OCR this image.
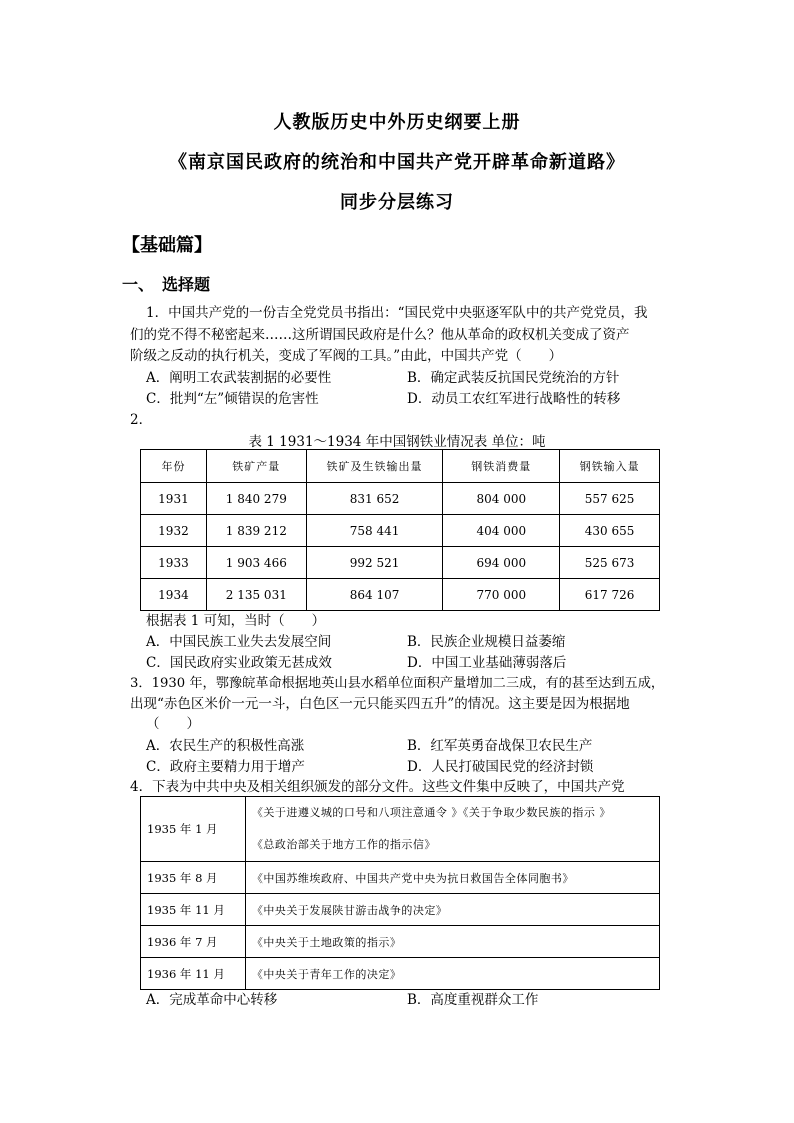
人教版历史中外历史纲要上册
《南京国民政府的统治和中国共产党开辟革命新道路》
同步分层练习
【基础篇】
一、　选择题
1．中国共产党的一份吉全党党员书指出：“国民党中央驱逐军队中的共产党党员，我
们的党不得不秘密起来……这所谓国民政府是什么？他从革命的政权机关变成了资产
阶级之反动的执行机关，变成了军阀的工具。”由此，中国共产党（　　）
A．阐明工农武装割据的必要性	B．确定武装反抗国民党统治的方针
C．批判“左”倾错误的危害性	D．动员工农红军进行战略性的转移
2．
表 1 1931～1934 年中国钢铁业情况表 单位：吨
年份	铁矿产量	铁矿及生铁输出量	钢铁消费量	钢铁输入量
1931	1 840 279	831 652	804 000	557 625
1932	1 839 212	758 441	404 000	430 655
1933	1 903 466	992 521	694 000	525 673
1934	2 135 031	864 107	770 000	617 726
根据表 1 可知，当时（　　）
A．中国民族工业失去发展空间	B．民族企业规模日益萎缩
C．国民政府实业政策无甚成效	D．中国工业基础薄弱落后
3．1930 年，鄂豫皖革命根据地英山县水稻单位面积产量增加二三成，有的甚至达到五成，
出现“赤色区米价一元一斗，白色区一元只能买四五升”的情况。这主要是因为根据地
（　　）
A．农民生产的积极性高涨	B．红军英勇奋战保卫农民生产
C．政府主要精力用于增产	D．人民打破国民党的经济封锁
4．下表为中共中央及相关组织颁发的部分文件。这些文件集中反映了，中国共产党
1935 年 1 月	《关于进遵义城的口号和八项注意通令 》《关于争取少数民族的指示 》
《总政治部关于地方工作的指示信》

1935 年 8 月	《中国苏维埃政府、中国共产党中央为抗日救国告全体同胞书》
1935 年 11 月	《中央关于发展陕甘游击战争的决定》
1936 年 7 月	《中央关于土地政策的指示》
1936 年 11 月	《中央关于青年工作的决定》
A．完成革命中心转移	B．高度重视群众工作
